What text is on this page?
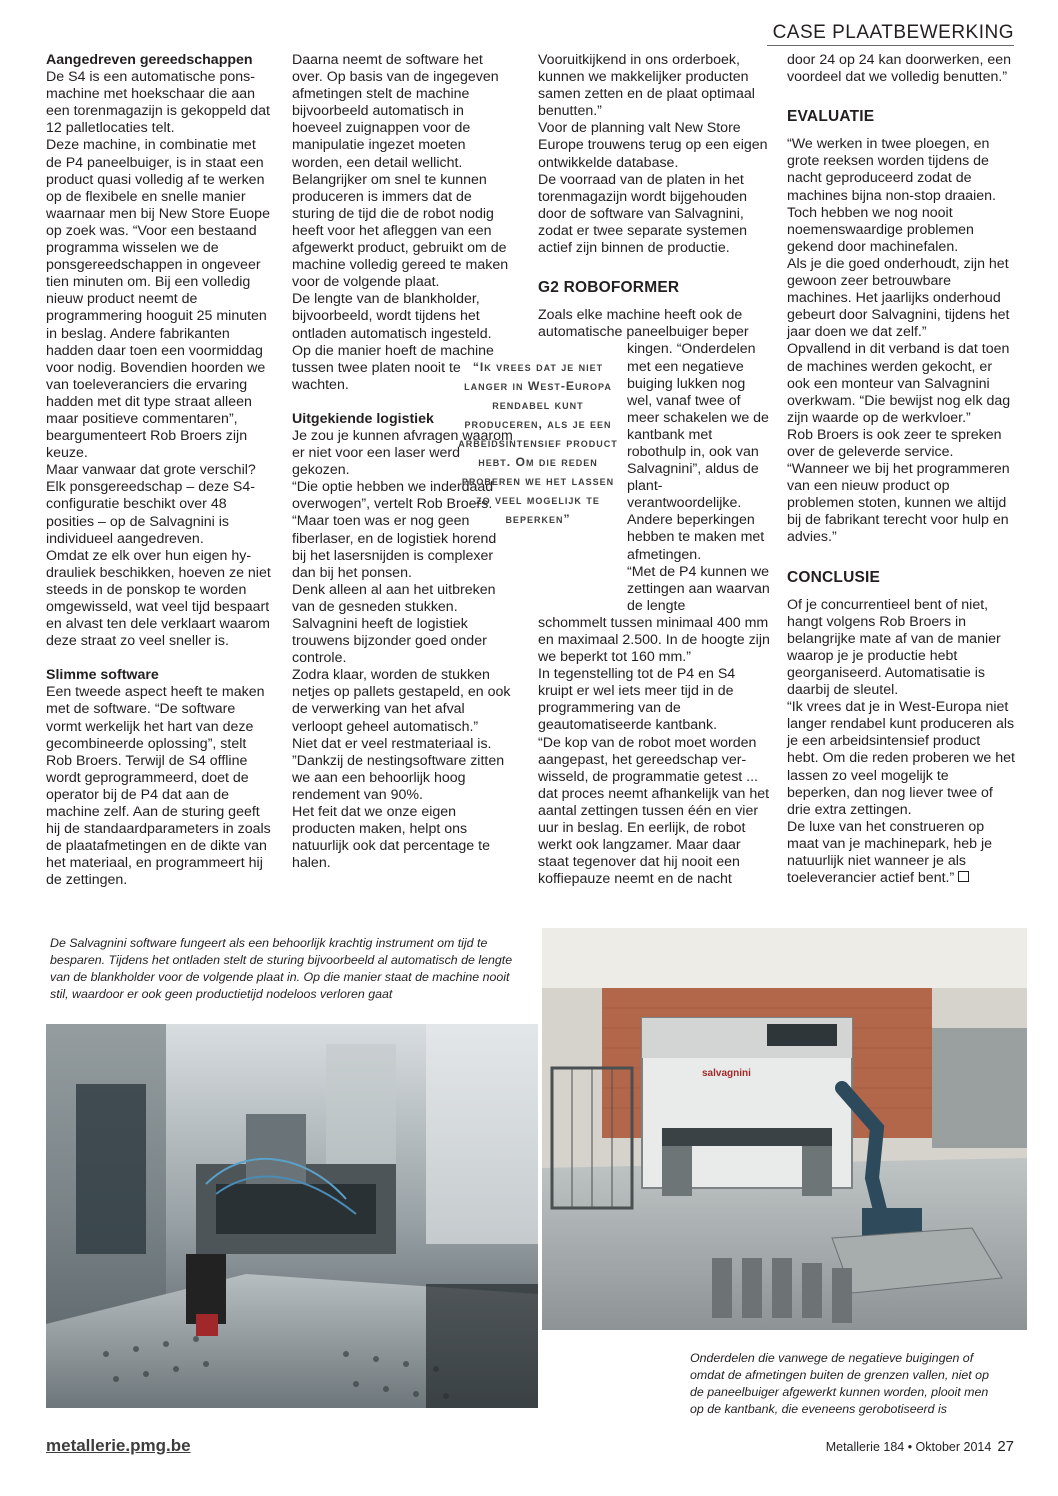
CASE PLAATBEWERKING

Aangedreven gereedschappen

De S4 is een automatische ponsmachine met hoekschaar die aan een torenmagazijn is gekoppeld dat 12 palletlocaties telt.

Deze machine, in combinatie met de P4 paneelbuiger, is in staat een product quasi volledig af te werken op de flexibele en snelle manier waarnaar men bij New Store Euope op zoek was. “Voor een bestaand programma wisselen we de ponsgereedschappen in ongeveer tien minuten om. Bij een volledig nieuw product neemt de programmering hooguit 25 minuten in beslag. Andere fabrikanten hadden daar toen een voormiddag voor nodig. Bovendien hoorden we van toeleveranciers die ervaring hadden met dit type straat alleen maar positieve commentaren”, beargumenteert Rob Broers zijn keuze.

Maar vanwaar dat grote verschil? Elk ponsgereedschap – deze S4-configuratie beschikt over 48 posities – op de Salvagnini is individueel aangedreven.

Omdat ze elk over hun eigen hydrauliek beschikken, hoeven ze niet steeds in de ponskop te worden omgewisseld, wat veel tijd bespaart en alvast ten dele verklaart waarom deze straat zo veel sneller is.

Slimme software

Een tweede aspect heeft te maken met de software. “De software vormt werkelijk het hart van deze gecombineerde oplossing”, stelt Rob Broers. Terwijl de S4 offline wordt geprogrammeerd, doet de operator bij de P4 dat aan de machine zelf. Aan de sturing geeft hij de standaardparameters in zoals de plaatafmetingen en de dikte van het materiaal, en programmeert hij de zettingen.

Daarna neemt de software het over. Op basis van de ingegeven afmetingen stelt de machine bijvoorbeeld automatisch in hoeveel zuignappen voor de manipulatie ingezet moeten worden, een detail wellicht.

Belangrijker om snel te kunnen produceren is immers dat de sturing de tijd die de robot nodig heeft voor het afleggen van een afgewerkt product, gebruikt om de machine volledig gereed te maken voor de volgende plaat.

De lengte van de blankholder, bijvoorbeeld, wordt tijdens het ontladen automatisch ingesteld. Op die manier hoeft de machine tussen twee platen nooit te wachten.

Uitgekiende logistiek

Je zou je kunnen afvragen waarom er niet voor een laser werd gekozen.

“Die optie hebben we inderdaad overwogen”, vertelt Rob Broers.

“Maar toen was er nog geen fiberlaser, en de logistiek horend bij het lasersnijden is complexer dan bij het ponsen.

Denk alleen al aan het uitbreken van de gesneden stukken. Salvagnini heeft de logistiek trouwens bijzonder goed onder controle.

Zodra klaar, worden de stukken netjes op pallets gestapeld, en ook de verwerking van het afval verloopt geheel automatisch.”

Niet dat er veel restmateriaal is. ”Dankzij de nestingsoftware zitten we aan een behoorlijk hoog rendement van 90%.

Het feit dat we onze eigen producten maken, helpt ons natuurlijk ook dat percentage te halen.

Vooruitkijkend in ons orderboek, kunnen we makkelijker producten samen zetten en de plaat optimaal benutten.”

Voor de planning valt New Store Europe trouwens terug op een eigen ontwikkelde database.

De voorraad van de platen in het torenmagazijn wordt bijgehouden door de software van Salvagnini, zodat er twee separate systemen actief zijn binnen de productie.

G2 ROBOFORMER

Zoals elke machine heeft ook de automatische paneelbuiger beper

kingen. “Onderdelen met een negatieve buiging lukken nog wel, vanaf twee of meer schakelen we de kantbank met robothulp in, ook van Salvagnini”, aldus de plantverantwoordelijke.

Andere beperkingen hebben te maken met afmetingen.

“Met de P4 kunnen we zettingen aan waarvan de lengte

schommelt tussen minimaal 400 mm en maximaal 2.500. In de hoogte zijn we beperkt tot 160 mm.”

In tegenstelling tot de P4 en S4 kruipt er wel iets meer tijd in de programmering van de geautomatiseerde kantbank.

“De kop van de robot moet worden aangepast, het gereedschap verwisseld, de programmatie getest ... dat proces neemt afhankelijk van het aantal zettingen tussen één en vier uur in beslag. En eerlijk, de robot werkt ook langzamer. Maar daar staat tegenover dat hij nooit een koffiepauze neemt en de nacht

door 24 op 24 kan doorwerken, een voordeel dat we volledig benutten.”

EVALUATIE

“We werken in twee ploegen, en grote reeksen worden tijdens de nacht geproduceerd zodat de machines bijna non-stop draaien. Toch hebben we nog nooit noemenswaardige problemen gekend door machinefalen.

Als je die goed onderhoudt, zijn het gewoon zeer betrouwbare machines. Het jaarlijks onderhoud gebeurt door Salvagnini, tijdens het jaar doen we dat zelf.”

Opvallend in dit verband is dat toen de machines werden gekocht, er ook een monteur van Salvagnini overkwam. “Die bewijst nog elk dag zijn waarde op de werkvloer.”

Rob Broers is ook zeer te spreken over de geleverde service.

“Wanneer we bij het programmeren van een nieuw product op problemen stoten, kunnen we altijd bij de fabrikant terecht voor hulp en advies.”

CONCLUSIE

Of je concurrentieel bent of niet, hangt volgens Rob Broers in belangrijke mate af van de manier waarop je je productie hebt georganiseerd. Automatisatie is daarbij de sleutel.

“Ik vrees dat je in West-Europa niet langer rendabel kunt produceren als je een arbeidsintensief product hebt. Om die reden proberen we het lassen zo veel mogelijk te beperken, dan nog liever twee of drie extra zettingen.

De luxe van het construeren op maat van je machinepark, heb je natuurlijk niet wanneer je als toeleverancier actief bent.”

“Ik vrees dat je niet langer in West-Europa rendabel kunt produceren, als je een arbeidsintensief product hebt. Om die reden proberen we het lassen zo veel mogelijk te beperken”
De Salvagnini software fungeert als een behoorlijk krachtig instrument om tijd te besparen. Tijdens het ontladen stelt de sturing bijvoorbeeld al automatisch de lengte van de blankholder voor de volgende plaat in. Op die manier staat de machine nooit stil, waardoor er ook geen productietijd nodeloos verloren gaat
salvagnini
Onderdelen die vanwege de negatieve buigingen of omdat de afmetingen buiten de grenzen vallen, niet op de paneelbuiger afgewerkt kunnen worden, plooit men op de kantbank, die eveneens gerobotiseerd is
metallerie.pmg.be	Metallerie 184 • Oktober 2014 27
